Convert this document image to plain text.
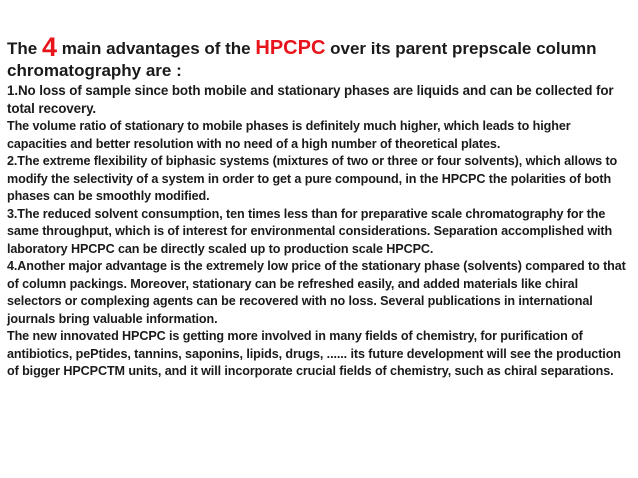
The 4 main advantages of the HPCPC over its parent prepscale column chromatography are :

1.No loss of sample since both mobile and stationary phases are liquids and can be collected for total recovery.

The volume ratio of stationary to mobile phases is definitely much higher, which leads to higher capacities and better resolution with no need of a high number of theoretical plates.

2.The extreme flexibility of biphasic systems (mixtures of two or three or four solvents), which allows to modify the selectivity of a system in order to get a pure compound, in the HPCPC the polarities of both phases can be smoothly modified.

3.The reduced solvent consumption, ten times less than for preparative scale chromatography for the same throughput, which is of interest for environmental considerations. Separation accomplished with laboratory HPCPC can be directly scaled up to production scale HPCPC.

4.Another major advantage is the extremely low price of the stationary phase (solvents) compared to that of column packings. Moreover, stationary can be refreshed easily, and added materials like chiral selectors or complexing agents can be recovered with no loss. Several publications in international journals bring valuable information.

The new innovated HPCPC is getting more involved in many fields of chemistry, for purification of antibiotics, pePtides, tannins, saponins, lipids, drugs, ...... its future development will see the production of bigger HPCPCTM units, and it will incorporate crucial fields of chemistry, such as chiral separations.
